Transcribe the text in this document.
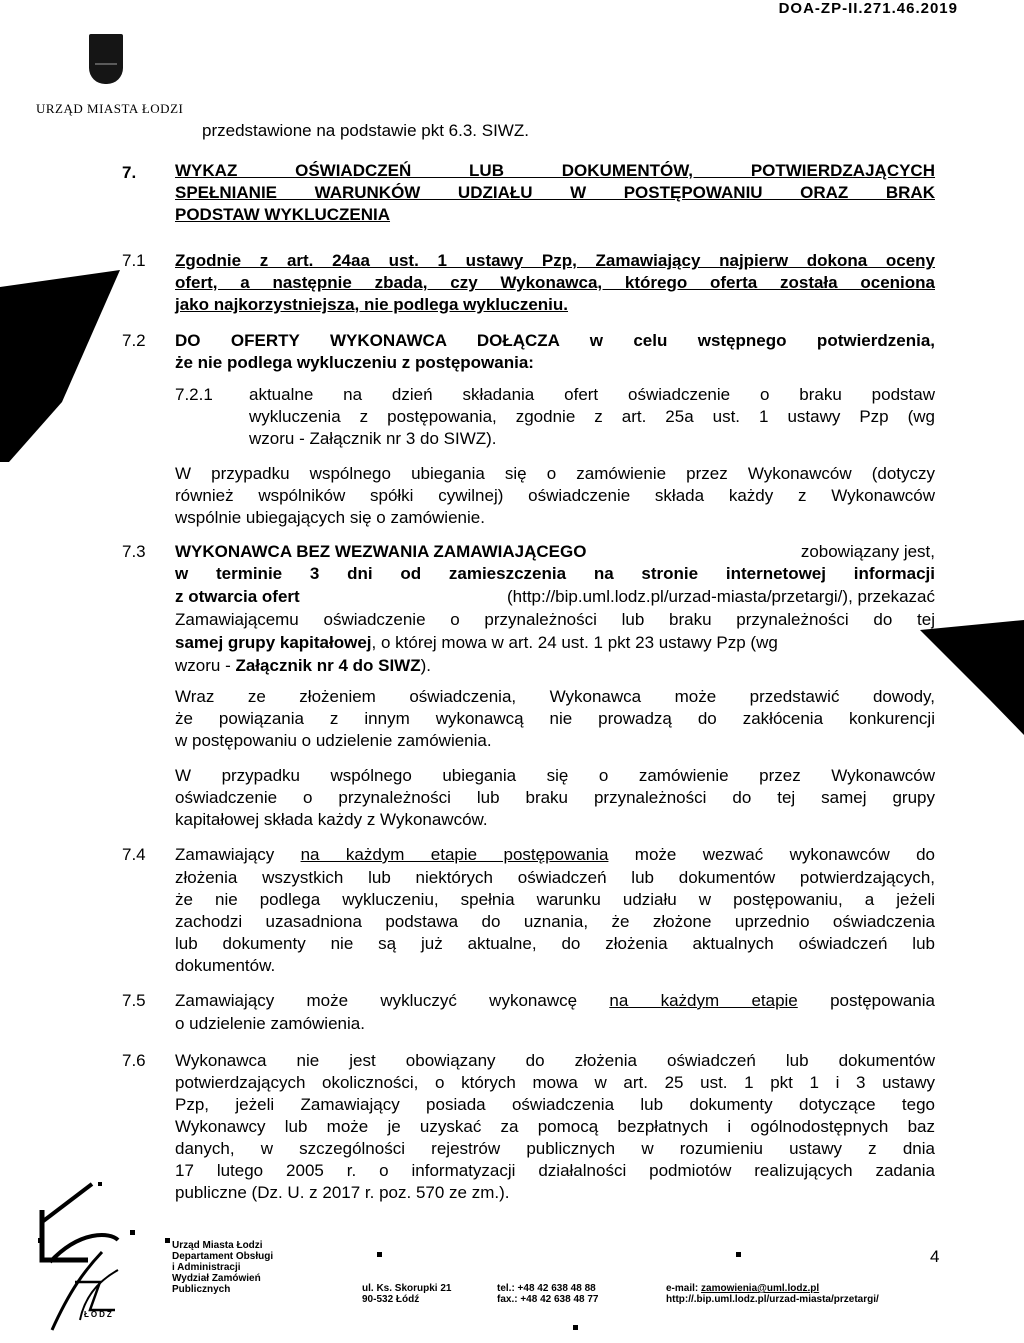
DOA-ZP-II.271.46.2019
URZĄD MIASTA ŁODZI
przedstawione na podstawie pkt 6.3. SIWZ.
7. WYKAZ OŚWIADCZEŃ LUB DOKUMENTÓW, POTWIERDZAJĄCYCH
SPEŁNIANIE WARUNKÓW UDZIAŁU W POSTĘPOWANIU ORAZ BRAK
PODSTAW WYKLUCZENIA
7.1 Zgodnie z art. 24aa ust. 1 ustawy Pzp, Zamawiający najpierw dokona oceny
ofert, a następnie zbada, czy Wykonawca, którego oferta została oceniona
jako najkorzystniejsza, nie podlega wykluczeniu.
7.2 DO OFERTY WYKONAWCA DOŁĄCZA w celu wstępnego potwierdzenia,
że nie podlega wykluczeniu z postępowania:
7.2.1 aktualne na dzień składania ofert oświadczenie o braku podstaw
wykluczenia z postępowania, zgodnie z art. 25a ust. 1 ustawy Pzp (wg
wzoru - Załącznik nr 3 do SIWZ).
W przypadku wspólnego ubiegania się o zamówienie przez Wykonawców (dotyczy
również wspólników spółki cywilnej) oświadczenie składa każdy z Wykonawców
wspólnie ubiegających się o zamówienie.
7.3 WYKONAWCA BEZ WEZWANIA ZAMAWIAJĄCEGO	zobowiązany jest,
w terminie 3 dni od zamieszczenia na stronie internetowej informacji
z otwarcia ofert	(http://bip.uml.lodz.pl/urzad-miasta/przetargi/), przekazać
Zamawiającemu oświadczenie o przynależności lub braku przynależności do tej
samej grupy kapitałowej, o której mowa w art. 24 ust. 1 pkt 23 ustawy Pzp (wg
wzoru - Załącznik nr 4 do SIWZ).
Wraz ze złożeniem oświadczenia, Wykonawca może przedstawić dowody,
że powiązania z innym wykonawcą nie prowadzą do zakłócenia konkurencji
w postępowaniu o udzielenie zamówienia.
W przypadku wspólnego ubiegania się o zamówienie przez Wykonawców
oświadczenie o przynależności lub braku przynależności do tej samej grupy
kapitałowej składa każdy z Wykonawców.
7.4 Zamawiający na każdym etapie postępowania może wezwać wykonawców do
złożenia wszystkich lub niektórych oświadczeń lub dokumentów potwierdzających,
że nie podlega wykluczeniu, spełnia warunku udziału w postępowaniu, a jeżeli
zachodzi uzasadniona podstawa do uznania, że złożone uprzednio oświadczenia
lub dokumenty nie są już aktualne, do złożenia aktualnych oświadczeń lub
dokumentów.
7.5 Zamawiający może wykluczyć wykonawcę na każdym etapie postępowania
o udzielenie zamówienia.
7.6 Wykonawca nie jest obowiązany do złożenia oświadczeń lub dokumentów
potwierdzających okoliczności, o których mowa w art. 25 ust. 1 pkt 1 i 3 ustawy
Pzp, jeżeli Zamawiający posiada oświadczenia lub dokumenty dotyczące tego
Wykonawcy lub może je uzyskać za pomocą bezpłatnych i ogólnodostępnych baz
danych, w szczególności rejestrów publicznych w rozumieniu ustawy z dnia
17 lutego 2005 r. o informatyzacji działalności podmiotów realizujących zadania
publiczne (Dz. U. z 2017 r. poz. 570 ze zm.).
ŁÓDŹ
Urząd Miasta Łodzi
Departament Obsługi
i Administracji
Wydział Zamówień
Publicznych	ul. Ks. Skorupki 21
90-532 Łódź
tel.: +48 42 638 48 88
fax.: +48 42 638 48 77
e-mail: zamowienia@uml.lodz.pl
http://.bip.uml.lodz.pl/urzad-miasta/przetargi/
4
